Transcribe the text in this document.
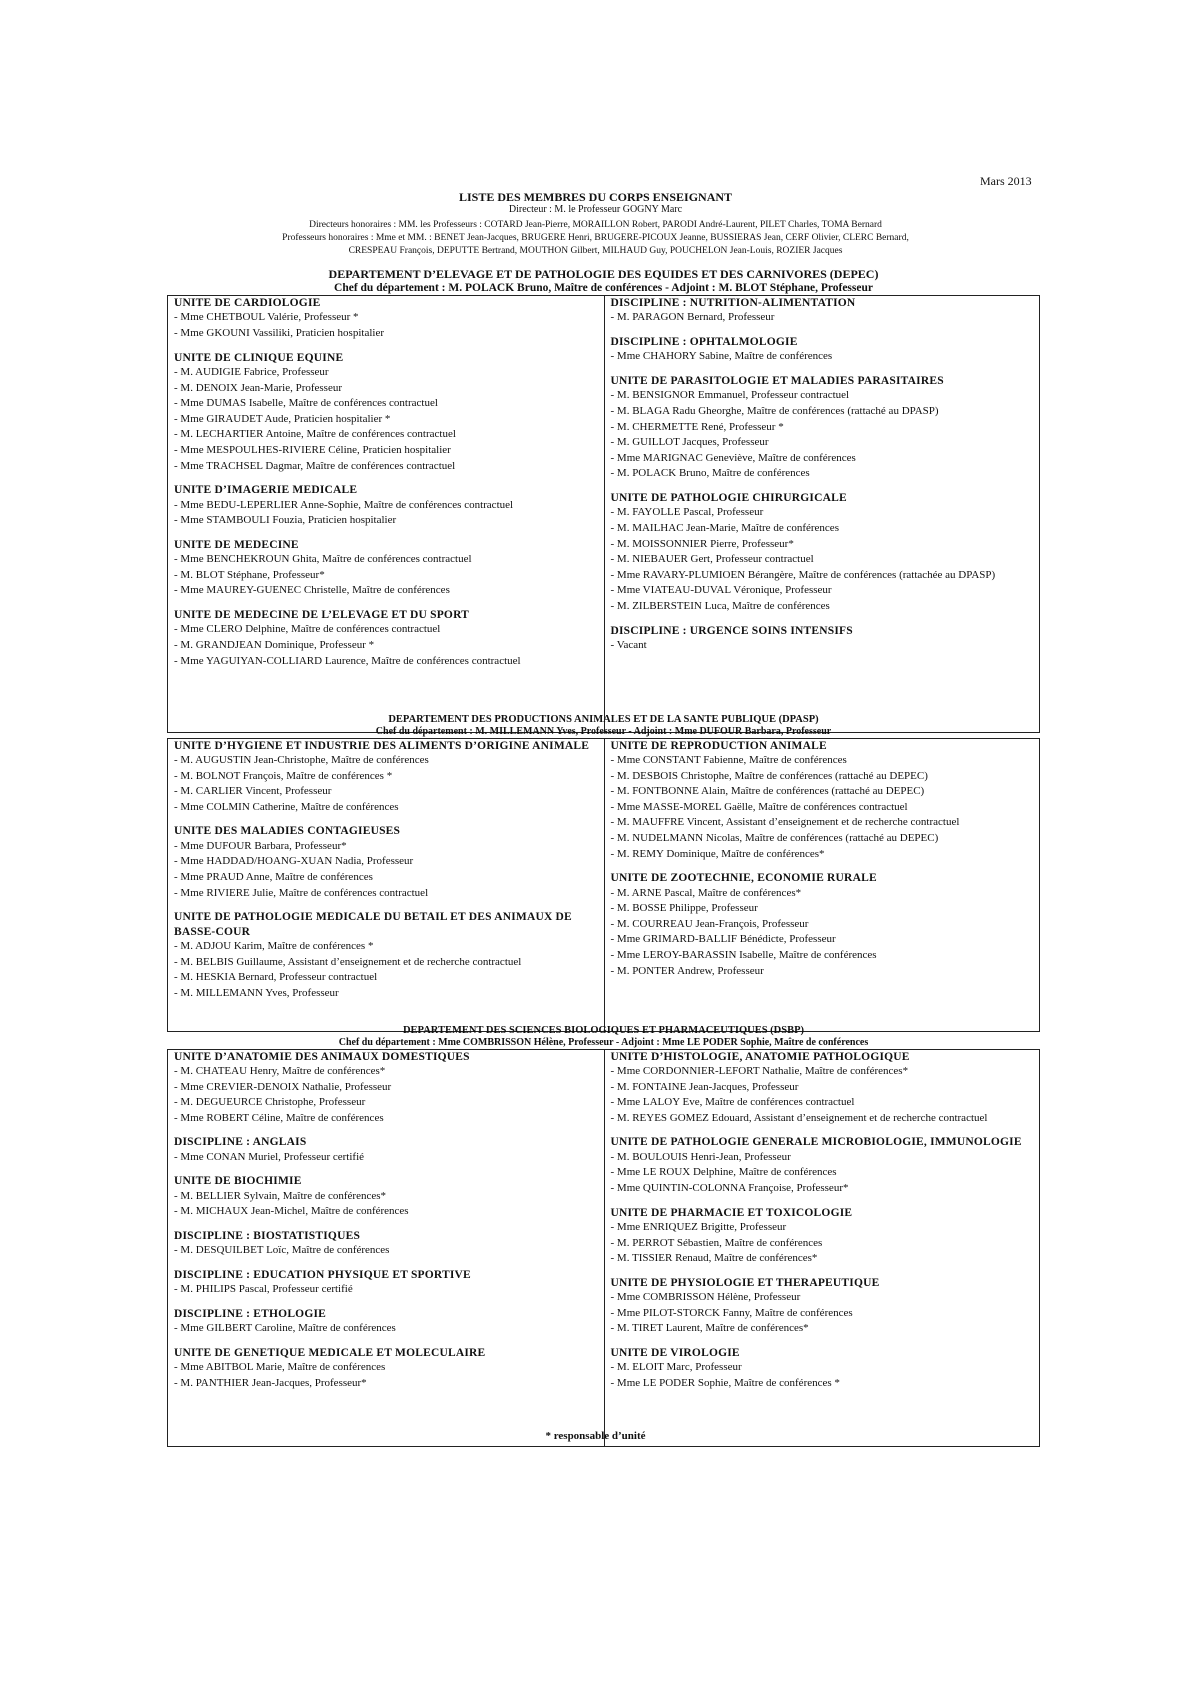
Mars 2013
LISTE DES MEMBRES DU CORPS ENSEIGNANT
Directeur : M. le Professeur GOGNY Marc
Directeurs honoraires : MM. les Professeurs : COTARD Jean-Pierre, MORAILLON Robert, PARODI André-Laurent, PILET Charles, TOMA Bernard
Professeurs honoraires : Mme et MM. : BENET Jean-Jacques, BRUGERE Henri, BRUGERE-PICOUX Jeanne, BUSSIERAS Jean, CERF Olivier, CLERC Bernard,
CRESPEAU François, DEPUTTE Bertrand, MOUTHON Gilbert, MILHAUD Guy, POUCHELON Jean-Louis, ROZIER Jacques
DEPARTEMENT D’ELEVAGE ET DE PATHOLOGIE DES EQUIDES ET DES CARNIVORES (DEPEC)
Chef du département : M. POLACK Bruno, Maître de conférences - Adjoint : M. BLOT Stéphane, Professeur
UNITE DE CARDIOLOGIE
- Mme CHETBOUL Valérie, Professeur *
- Mme GKOUNI Vassiliki, Praticien hospitalier
UNITE DE CLINIQUE EQUINE
- M. AUDIGIE Fabrice, Professeur
- M. DENOIX Jean-Marie, Professeur
- Mme DUMAS Isabelle, Maître de conférences contractuel
- Mme GIRAUDET Aude, Praticien hospitalier *
- M. LECHARTIER Antoine, Maître de conférences contractuel
- Mme MESPOULHES-RIVIERE Céline, Praticien hospitalier
- Mme TRACHSEL Dagmar, Maître de conférences contractuel
UNITE D’IMAGERIE MEDICALE
- Mme BEDU-LEPERLIER Anne-Sophie, Maître de conférences contractuel
- Mme STAMBOULI Fouzia, Praticien hospitalier
UNITE DE MEDECINE
- Mme BENCHEKROUN Ghita, Maître de conférences contractuel
- M. BLOT Stéphane, Professeur*
- Mme MAUREY-GUENEC Christelle, Maître de conférences
UNITE DE MEDECINE DE L’ELEVAGE ET DU SPORT
- Mme CLERO Delphine, Maître de conférences contractuel
- M. GRANDJEAN Dominique, Professeur *
- Mme YAGUIYAN-COLLIARD Laurence, Maître de conférences contractuel
DISCIPLINE : NUTRITION-ALIMENTATION
- M. PARAGON Bernard, Professeur
DISCIPLINE : OPHTALMOLOGIE
- Mme CHAHORY Sabine, Maître de conférences
UNITE DE PARASITOLOGIE ET MALADIES PARASITAIRES
- M. BENSIGNOR Emmanuel, Professeur contractuel
- M. BLAGA Radu Gheorghe, Maître de conférences (rattaché au DPASP)
- M. CHERMETTE René, Professeur *
- M. GUILLOT Jacques, Professeur
- Mme MARIGNAC Geneviève, Maître de conférences
- M. POLACK Bruno, Maître de conférences
UNITE DE PATHOLOGIE CHIRURGICALE
- M. FAYOLLE Pascal, Professeur
- M. MAILHAC Jean-Marie, Maître de conférences
- M. MOISSONNIER Pierre, Professeur*
- M. NIEBAUER Gert, Professeur contractuel
- Mme RAVARY-PLUMIOEN Bérangère, Maître de conférences (rattachée au DPASP)
- Mme VIATEAU-DUVAL Véronique, Professeur
- M. ZILBERSTEIN Luca, Maître de conférences
DISCIPLINE : URGENCE SOINS INTENSIFS
- Vacant
DEPARTEMENT DES PRODUCTIONS ANIMALES ET DE LA SANTE PUBLIQUE (DPASP)
Chef du département : M. MILLEMANN Yves, Professeur - Adjoint : Mme DUFOUR Barbara, Professeur
UNITE D’HYGIENE ET INDUSTRIE DES ALIMENTS D’ORIGINE ANIMALE
- M. AUGUSTIN Jean-Christophe, Maître de conférences
- M. BOLNOT François, Maître de conférences *
- M. CARLIER Vincent, Professeur
- Mme COLMIN Catherine, Maître de conférences
UNITE DES MALADIES CONTAGIEUSES
- Mme DUFOUR Barbara, Professeur*
- Mme HADDAD/HOANG-XUAN Nadia, Professeur
- Mme PRAUD Anne, Maître de conférences
- Mme RIVIERE Julie, Maître de conférences contractuel
UNITE DE PATHOLOGIE MEDICALE DU BETAIL ET DES ANIMAUX DE BASSE-COUR
- M. ADJOU Karim, Maître de conférences *
- M. BELBIS Guillaume, Assistant d’enseignement et de recherche contractuel
- M. HESKIA Bernard, Professeur contractuel
- M. MILLEMANN Yves, Professeur
UNITE DE REPRODUCTION ANIMALE
- Mme CONSTANT Fabienne, Maître de conférences
- M. DESBOIS Christophe, Maître de conférences (rattaché au DEPEC)
- M. FONTBONNE Alain, Maître de conférences (rattaché au DEPEC)
- Mme MASSE-MOREL Gaëlle, Maître de conférences contractuel
- M. MAUFFRE Vincent, Assistant d’enseignement et de recherche contractuel
- M. NUDELMANN Nicolas, Maître de conférences (rattaché au DEPEC)
- M. REMY Dominique, Maître de conférences*
UNITE DE ZOOTECHNIE, ECONOMIE RURALE
- M. ARNE Pascal, Maître de conférences*
- M. BOSSE Philippe, Professeur
- M. COURREAU Jean-François, Professeur
- Mme GRIMARD-BALLIF Bénédicte, Professeur
- Mme LEROY-BARASSIN Isabelle, Maître de conférences
- M. PONTER Andrew, Professeur
DEPARTEMENT DES SCIENCES BIOLOGIQUES ET PHARMACEUTIQUES (DSBP)
Chef du département : Mme COMBRISSON Hélène, Professeur - Adjoint : Mme LE PODER Sophie, Maître de conférences
UNITE D’ANATOMIE DES ANIMAUX DOMESTIQUES
- M. CHATEAU Henry, Maître de conférences*
- Mme CREVIER-DENOIX Nathalie, Professeur
- M. DEGUEURCE Christophe, Professeur
- Mme ROBERT Céline, Maître de conférences
DISCIPLINE : ANGLAIS
- Mme CONAN Muriel, Professeur certifié
UNITE DE BIOCHIMIE
- M. BELLIER Sylvain, Maître de conférences*
- M. MICHAUX Jean-Michel, Maître de conférences
DISCIPLINE : BIOSTATISTIQUES
- M. DESQUILBET Loïc, Maître de conférences
DISCIPLINE : EDUCATION PHYSIQUE ET SPORTIVE
- M. PHILIPS Pascal, Professeur certifié
DISCIPLINE : ETHOLOGIE
- Mme GILBERT Caroline, Maître de conférences
UNITE DE GENETIQUE MEDICALE ET MOLECULAIRE
- Mme ABITBOL Marie, Maître de conférences
- M. PANTHIER Jean-Jacques, Professeur*
UNITE D’HISTOLOGIE, ANATOMIE PATHOLOGIQUE
- Mme CORDONNIER-LEFORT Nathalie, Maître de conférences*
- M. FONTAINE Jean-Jacques, Professeur
- Mme LALOY Eve, Maître de conférences contractuel
- M. REYES GOMEZ Edouard, Assistant d’enseignement et de recherche contractuel
UNITE DE PATHOLOGIE GENERALE MICROBIOLOGIE, IMMUNOLOGIE
- M. BOULOUIS Henri-Jean, Professeur
- Mme LE ROUX Delphine, Maître de conférences
- Mme QUINTIN-COLONNA Françoise, Professeur*
UNITE DE PHARMACIE ET TOXICOLOGIE
- Mme ENRIQUEZ Brigitte, Professeur
- M. PERROT Sébastien, Maître de conférences
- M. TISSIER Renaud, Maître de conférences*
UNITE DE PHYSIOLOGIE ET THERAPEUTIQUE
- Mme COMBRISSON Hélène, Professeur
- Mme PILOT-STORCK Fanny, Maître de conférences
- M. TIRET Laurent, Maître de conférences*
UNITE DE VIROLOGIE
- M. ELOIT Marc, Professeur
- Mme LE PODER Sophie, Maître de conférences *
* responsable d’unité
